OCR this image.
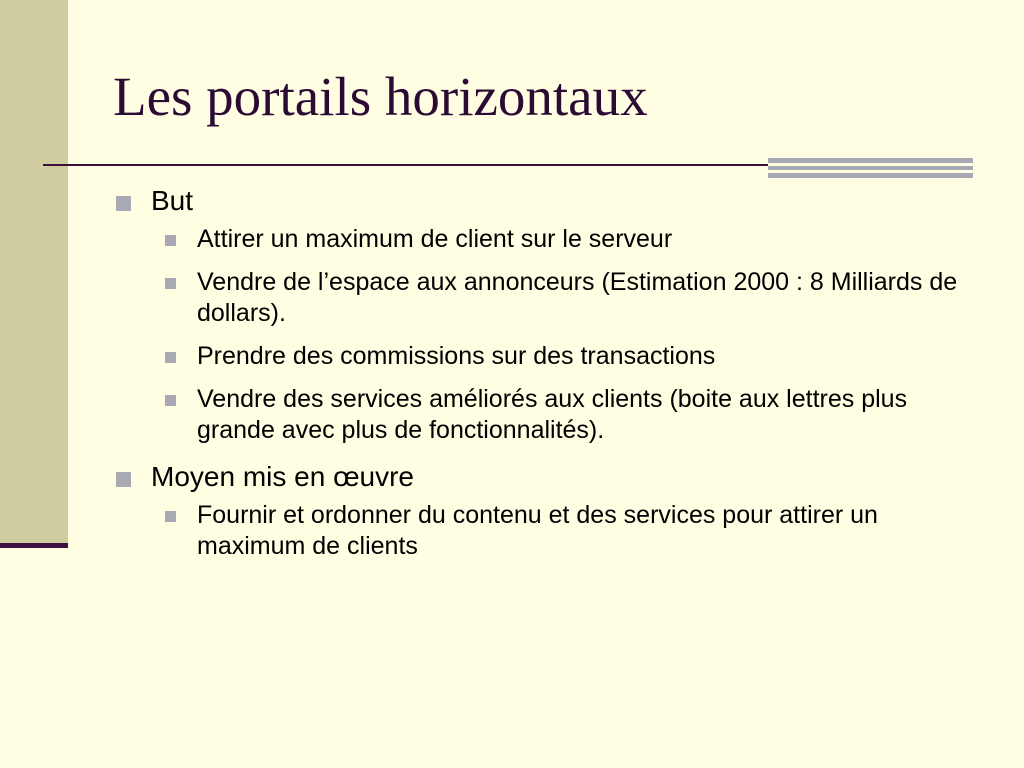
Les portails horizontaux
But
Attirer un maximum de client sur le serveur
Vendre de l’espace aux annonceurs (Estimation 2000 : 8 Milliards de dollars).
Prendre des commissions sur des transactions
Vendre des services améliorés aux clients (boite aux lettres plus grande avec plus de fonctionnalités).
Moyen mis en œuvre
Fournir et ordonner du contenu et des services pour attirer un maximum de clients
